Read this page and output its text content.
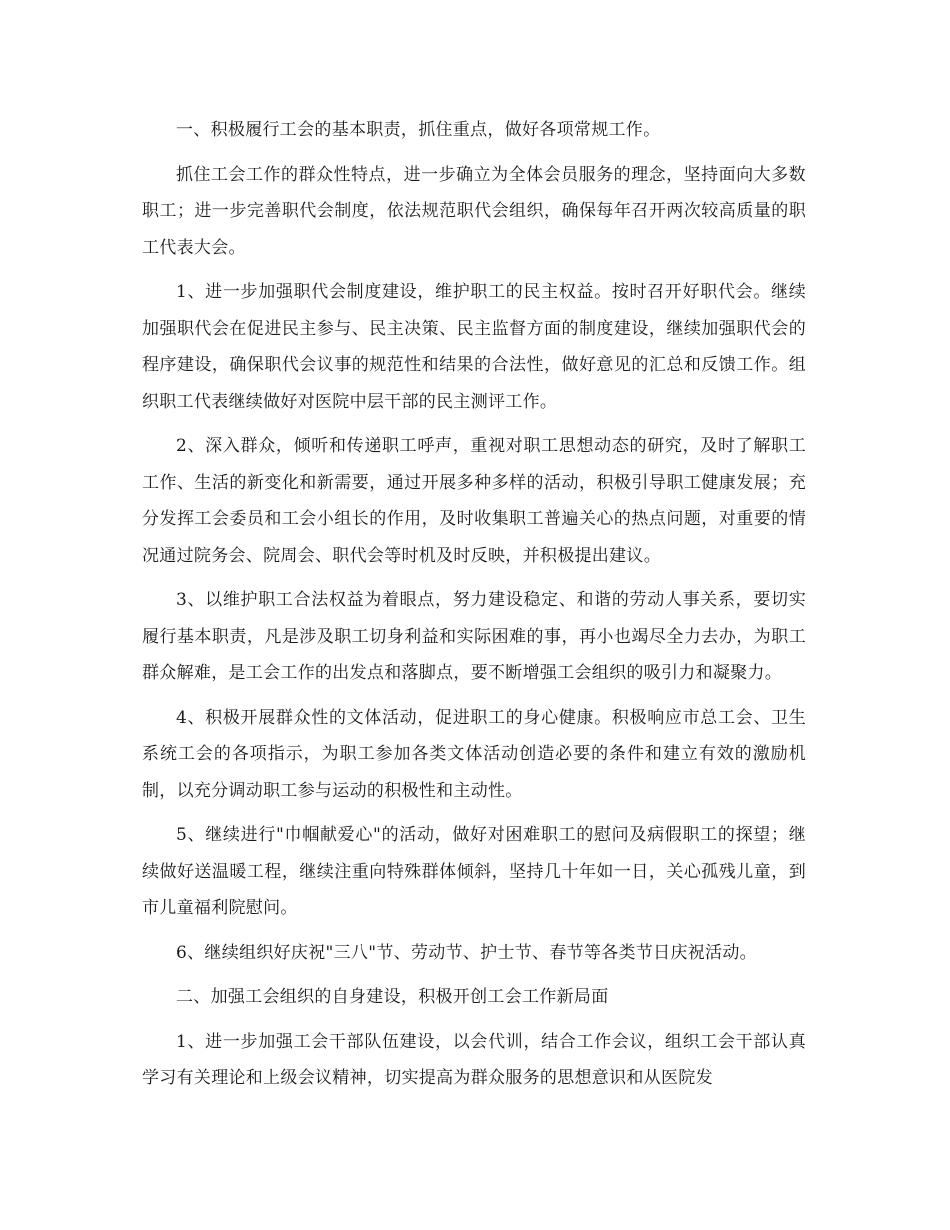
一、积极履行工会的基本职责，抓住重点，做好各项常规工作。

抓住工会工作的群众性特点，进一步确立为全体会员服务的理念，坚持面向大多数职工；进一步完善职代会制度，依法规范职代会组织，确保每年召开两次较高质量的职工代表大会。

1、进一步加强职代会制度建设，维护职工的民主权益。按时召开好职代会。继续加强职代会在促进民主参与、民主决策、民主监督方面的制度建设，继续加强职代会的程序建设，确保职代会议事的规范性和结果的合法性，做好意见的汇总和反馈工作。组织职工代表继续做好对医院中层干部的民主测评工作。

2、深入群众，倾听和传递职工呼声，重视对职工思想动态的研究，及时了解职工工作、生活的新变化和新需要，通过开展多种多样的活动，积极引导职工健康发展；充分发挥工会委员和工会小组长的作用，及时收集职工普遍关心的热点问题，对重要的情况通过院务会、院周会、职代会等时机及时反映，并积极提出建议。

3、以维护职工合法权益为着眼点，努力建设稳定、和谐的劳动人事关系，要切实履行基本职责，凡是涉及职工切身利益和实际困难的事，再小也竭尽全力去办，为职工群众解难，是工会工作的出发点和落脚点，要不断增强工会组织的吸引力和凝聚力。

4、积极开展群众性的文体活动，促进职工的身心健康。积极响应市总工会、卫生系统工会的各项指示，为职工参加各类文体活动创造必要的条件和建立有效的激励机制，以充分调动职工参与运动的积极性和主动性。

5、继续进行"巾帼献爱心"的活动，做好对困难职工的慰问及病假职工的探望；继续做好送温暖工程，继续注重向特殊群体倾斜，坚持几十年如一日，关心孤残儿童，到市儿童福利院慰问。

6、继续组织好庆祝"三八"节、劳动节、护士节、春节等各类节日庆祝活动。

二、加强工会组织的自身建设，积极开创工会工作新局面

1、进一步加强工会干部队伍建设，以会代训，结合工作会议，组织工会干部认真学习有关理论和上级会议精神，切实提高为群众服务的思想意识和从医院发
